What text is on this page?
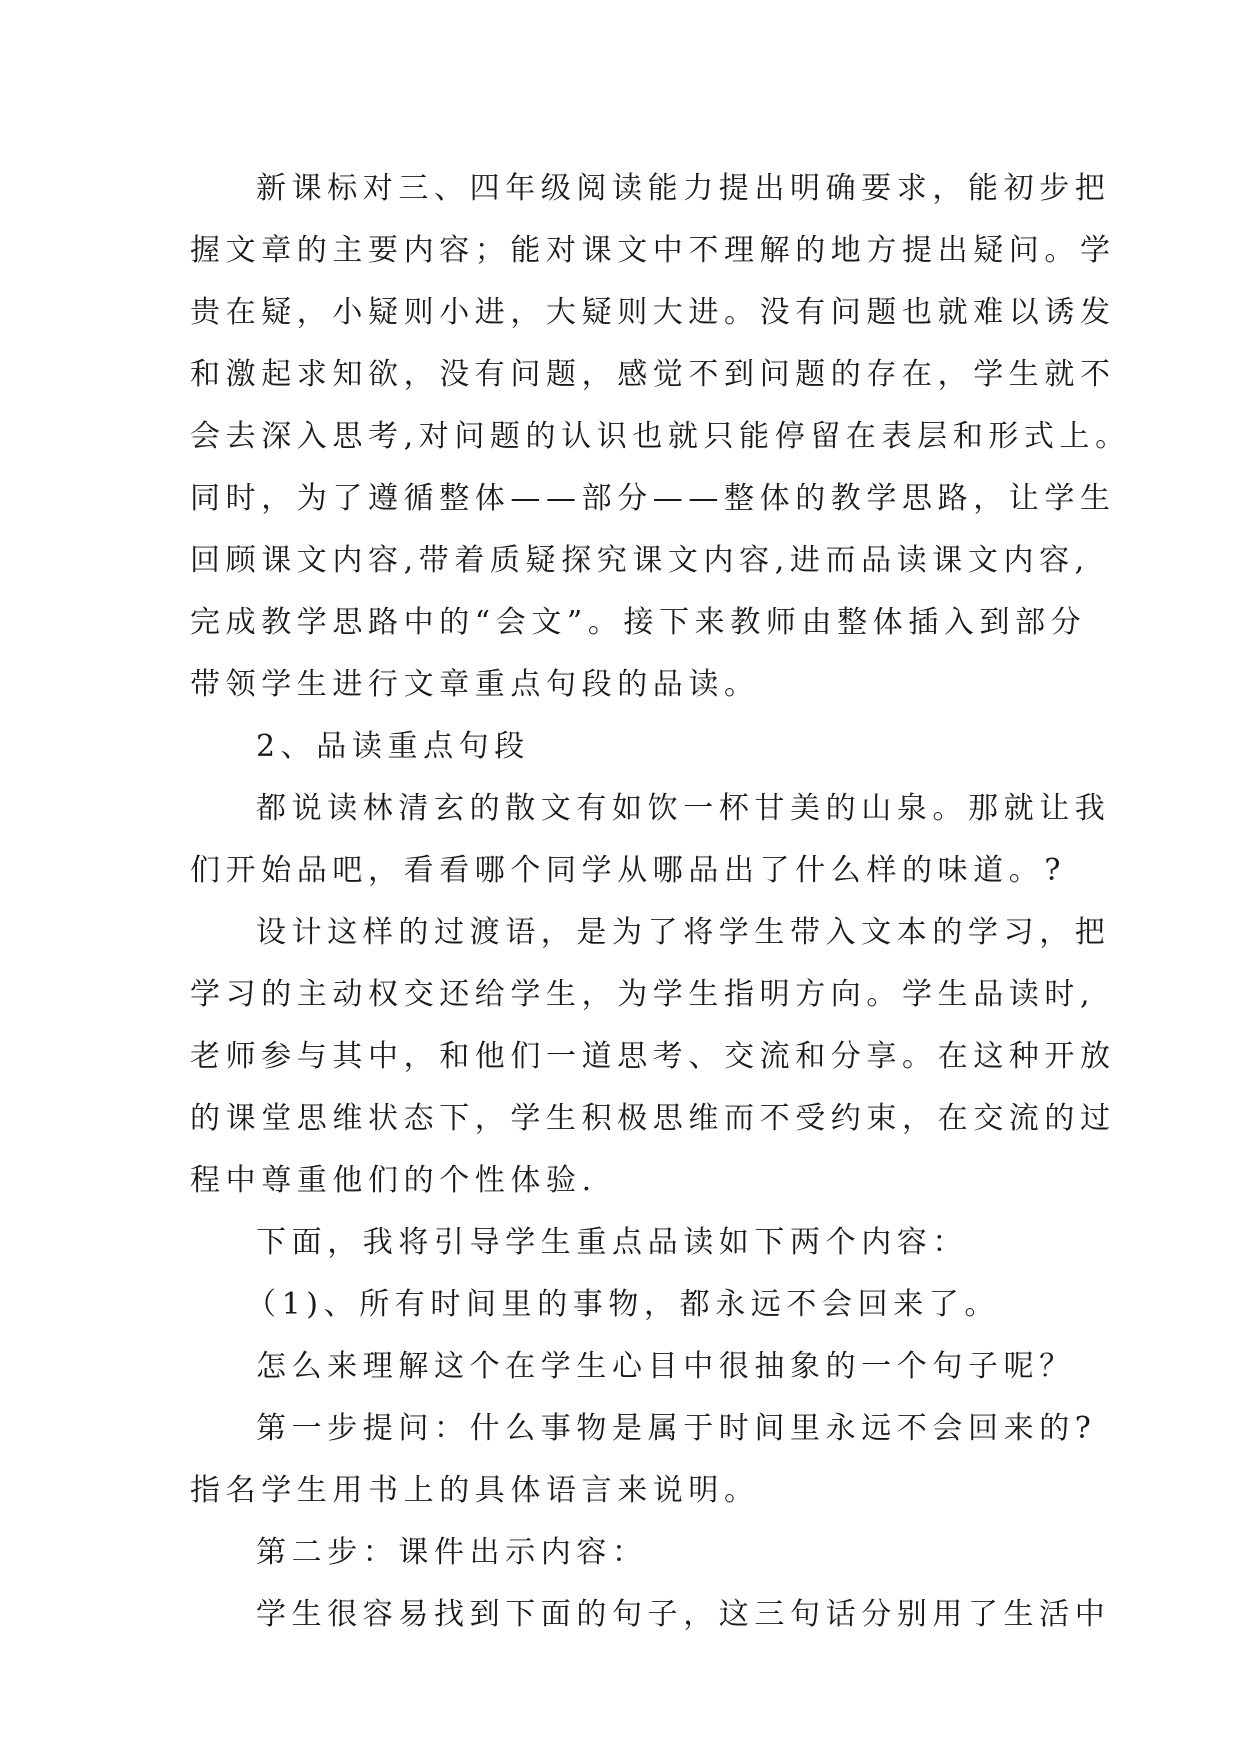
新课标对三、四年级阅读能力提出明确要求，能初步把
握文章的主要内容；能对课文中不理解的地方提出疑问。学
贵在疑，小疑则小进，大疑则大进。没有问题也就难以诱发
和激起求知欲，没有问题，感觉不到问题的存在，学生就不
会去深入思考,对问题的认识也就只能停留在表层和形式上。
同时，为了遵循整体——部分——整体的教学思路，让学生
回顾课文内容,带着质疑探究课文内容,进而品读课文内容,
完成教学思路中的“会文”。接下来教师由整体插入到部分
带领学生进行文章重点句段的品读。
2、品读重点句段
都说读林清玄的散文有如饮一杯甘美的山泉。那就让我
们开始品吧，看看哪个同学从哪品出了什么样的味道。?
设计这样的过渡语，是为了将学生带入文本的学习，把
学习的主动权交还给学生，为学生指明方向。学生品读时,
老师参与其中，和他们一道思考、交流和分享。在这种开放
的课堂思维状态下，学生积极思维而不受约束，在交流的过
程中尊重他们的个性体验.
下面，我将引导学生重点品读如下两个内容：
（1)、所有时间里的事物，都永远不会回来了。
怎么来理解这个在学生心目中很抽象的一个句子呢？
第一步提问：什么事物是属于时间里永远不会回来的?
指名学生用书上的具体语言来说明。
第二步：课件出示内容：
学生很容易找到下面的句子，这三句话分别用了生活中
